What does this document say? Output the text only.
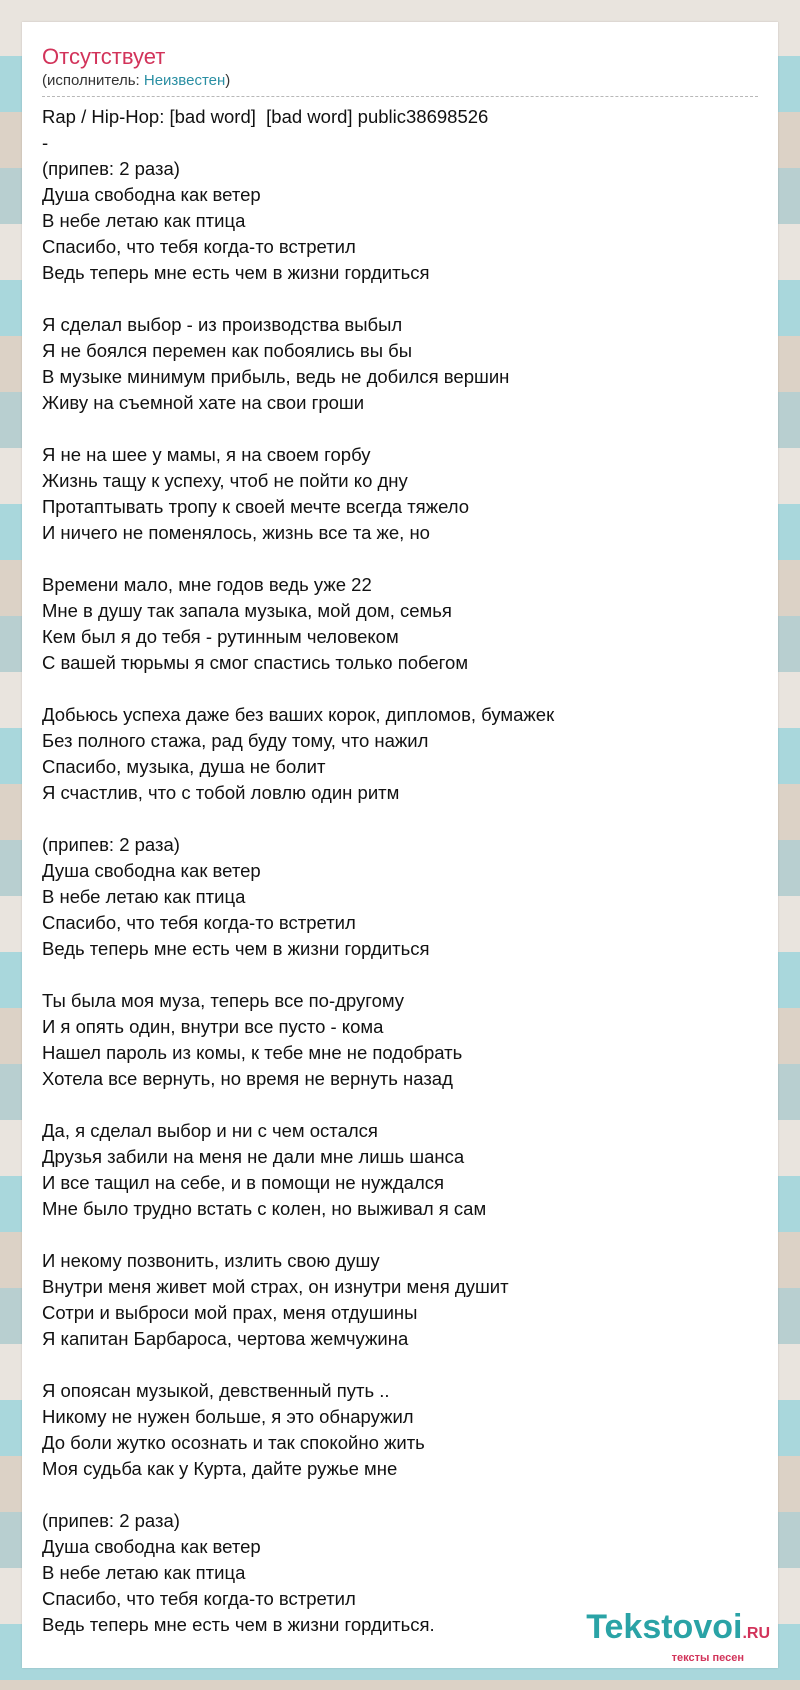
Отсутствует
(исполнитель: Неизвестен)
Rap / Hip-Hop: [bad word]  [bad word] public38698526
-
(припев: 2 раза)
Душа свободна как ветер
В небе летаю как птица
Спасибо, что тебя когда-то встретил
Ведь теперь мне есть чем в жизни гордиться
Я сделал выбор - из производства выбыл
Я не боялся перемен как побоялись вы бы
В музыке минимум прибыль, ведь не добился вершин
Живу на съемной хате на свои гроши
Я не на шее у мамы, я на своем горбу
Жизнь тащу к успеху, чтоб не пойти ко дну
Протаптывать тропу к своей мечте всегда тяжело
И ничего не поменялось, жизнь все та же, но
Времени мало, мне годов ведь уже 22
Мне в душу так запала музыка, мой дом, семья
Кем был я до тебя - рутинным человеком
С вашей тюрьмы я смог спастись только побегом
Добьюсь успеха даже без ваших корок, дипломов, бумажек
Без полного стажа, рад буду тому, что нажил
Спасибо, музыка, душа не болит
Я счастлив, что с тобой ловлю один ритм
(припев: 2 раза)
Душа свободна как ветер
В небе летаю как птица
Спасибо, что тебя когда-то встретил
Ведь теперь мне есть чем в жизни гордиться
Ты была моя муза, теперь все по-другому
И я опять один, внутри все пусто - кома
Нашел пароль из комы, к тебе мне не подобрать
Хотела все вернуть, но время не вернуть назад
Да, я сделал выбор и ни с чем остался
Друзья забили на меня не дали мне лишь шанса
И все тащил на себе, и в помощи не нуждался
Мне было трудно встать с колен, но выживал я сам
И некому позвонить, излить свою душу
Внутри меня живет мой страх, он изнутри меня душит
Сотри и выброси мой прах, меня отдушины
Я капитан Барбароса, чертова жемчужина
Я опоясан музыкой, девственный путь ..
Никому не нужен больше, я это обнаружил
До боли жутко осознать и так спокойно жить
Моя судьба как у Курта, дайте ружье мне
(припев: 2 раза)
Душа свободна как ветер
В небе летаю как птица
Спасибо, что тебя когда-то встретил
Ведь теперь мне есть чем в жизни гордиться.	Tekstovoi.RU
тексты песен
